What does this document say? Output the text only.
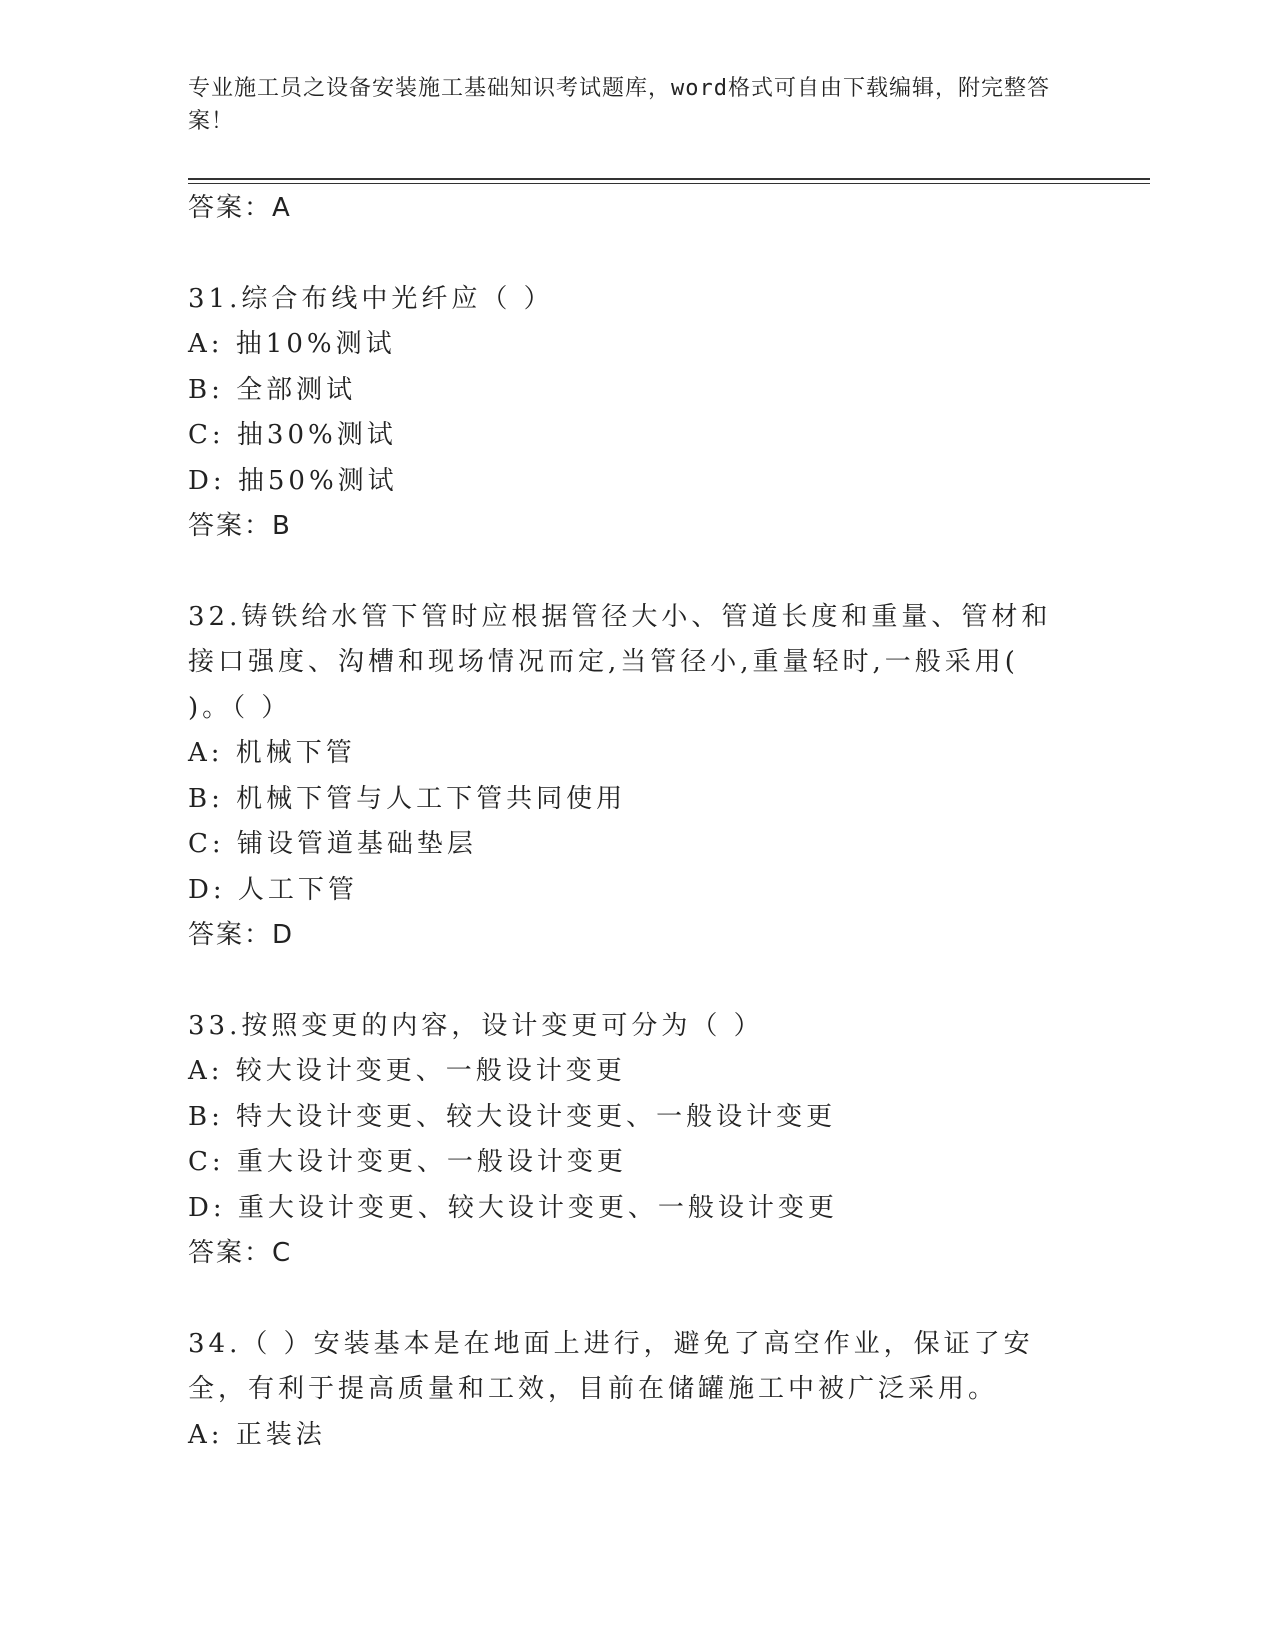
专业施工员之设备安装施工基础知识考试题库，word格式可自由下载编辑，附完整答案！
答案：A
31.综合布线中光纤应（ ）
A: 抽10%测试
B: 全部测试
C: 抽30%测试
D: 抽50%测试
答案：B
32.铸铁给水管下管时应根据管径大小、管道长度和重量、管材和接口强度、沟槽和现场情况而定,当管径小,重量轻时,一般采用( )。（ ）
A: 机械下管
B: 机械下管与人工下管共同使用
C: 铺设管道基础垫层
D: 人工下管
答案：D
33.按照变更的内容，设计变更可分为（ ）
A: 较大设计变更、一般设计变更
B: 特大设计变更、较大设计变更、一般设计变更
C: 重大设计变更、一般设计变更
D: 重大设计变更、较大设计变更、一般设计变更
答案：C
34.（ ）安装基本是在地面上进行，避免了高空作业，保证了安全，有利于提高质量和工效，目前在储罐施工中被广泛采用。
A: 正装法
